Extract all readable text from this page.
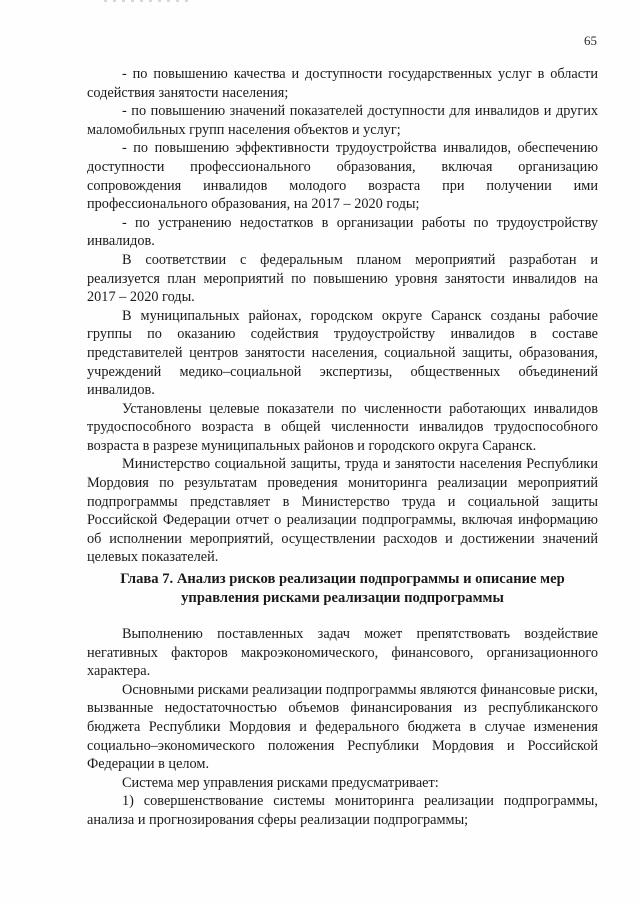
65

- по повышению качества и доступности государственных услуг в области содействия занятости населения;

- по повышению значений показателей доступности для инвалидов и других маломобильных групп населения объектов и услуг;

- по повышению эффективности трудоустройства инвалидов, обеспечению доступности профессионального образования, включая организацию сопровождения инвалидов молодого возраста при получении ими профессионального образования, на 2017 – 2020 годы;

- по устранению недостатков в организации работы по трудоустройству инвалидов.

В соответствии с федеральным планом мероприятий разработан и реализуется план мероприятий по повышению уровня занятости инвалидов на 2017 – 2020 годы.

В муниципальных районах, городском округе Саранск созданы рабочие группы по оказанию содействия трудоустройству инвалидов в составе представителей центров занятости населения, социальной защиты, образования, учреждений медико–социальной экспертизы, общественных объединений инвалидов.

Установлены целевые показатели по численности работающих инвалидов трудоспособного возраста в общей численности инвалидов трудоспособного возраста в разрезе муниципальных районов и городского округа Саранск.

Министерство социальной защиты, труда и занятости населения Республики Мордовия по результатам проведения мониторинга реализации мероприятий подпрограммы представляет в Министерство труда и социальной защиты Российской Федерации отчет о реализации подпрограммы, включая информацию об исполнении мероприятий, осуществлении расходов и достижении значений целевых показателей.

Глава 7. Анализ рисков реализации подпрограммы и описание мер управления рисками реализации подпрограммы

Выполнению поставленных задач может препятствовать воздействие негативных факторов макроэкономического, финансового, организационного характера.

Основными рисками реализации подпрограммы являются финансовые риски, вызванные недостаточностью объемов финансирования из республиканского бюджета Республики Мордовия и федерального бюджета в случае изменения социально–экономического положения Республики Мордовия и Российской Федерации в целом.

Система мер управления рисками предусматривает:

1) совершенствование системы мониторинга реализации подпрограммы, анализа и прогнозирования сферы реализации подпрограммы;
